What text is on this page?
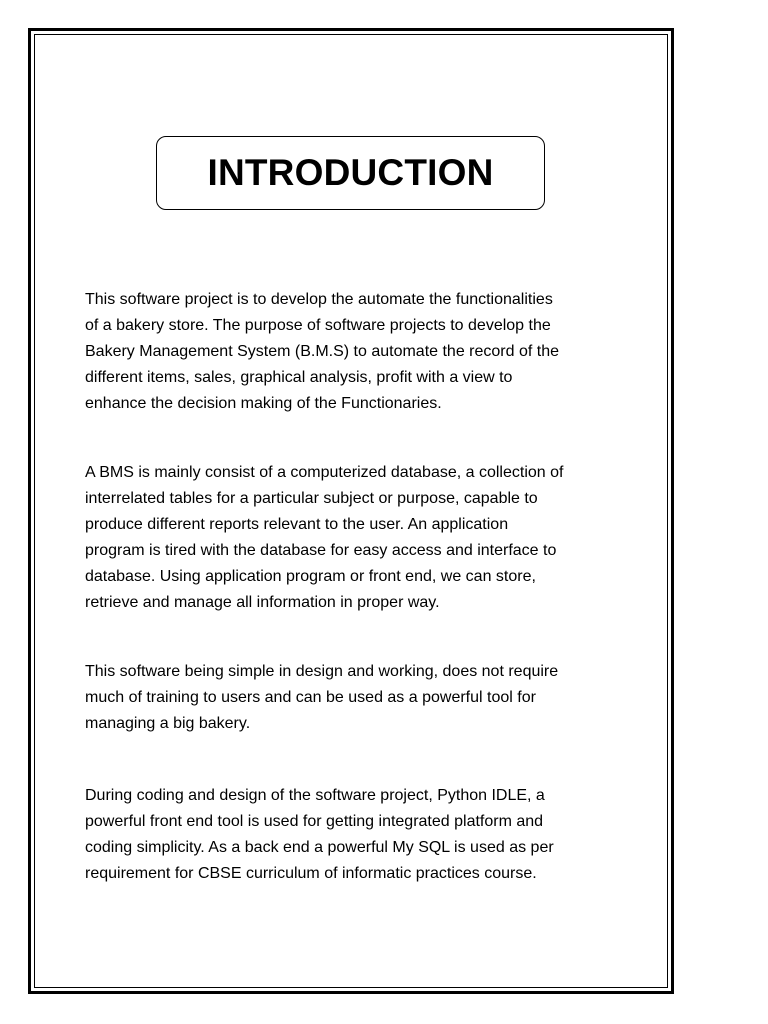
INTRODUCTION

This software project is to develop the automate the functionalities
of a bakery store. The purpose of software projects to develop the
Bakery Management System (B.M.S) to automate the record of the
different items, sales, graphical analysis, profit with a view to
enhance the decision making of the Functionaries.

A BMS is mainly consist of a computerized database, a collection of
interrelated tables for a particular subject or purpose, capable to
produce different reports relevant to the user. An application
program is tired with the database for easy access and interface to
database. Using application program or front end, we can store,
retrieve and manage all information in proper way.

This software being simple in design and working, does not require
much of training to users and can be used as a powerful tool for
managing a big bakery.

During coding and design of the software project, Python IDLE, a
powerful front end tool is used for getting integrated platform and
coding simplicity. As a back end a powerful My SQL is used as per
requirement for CBSE curriculum of informatic practices course.
